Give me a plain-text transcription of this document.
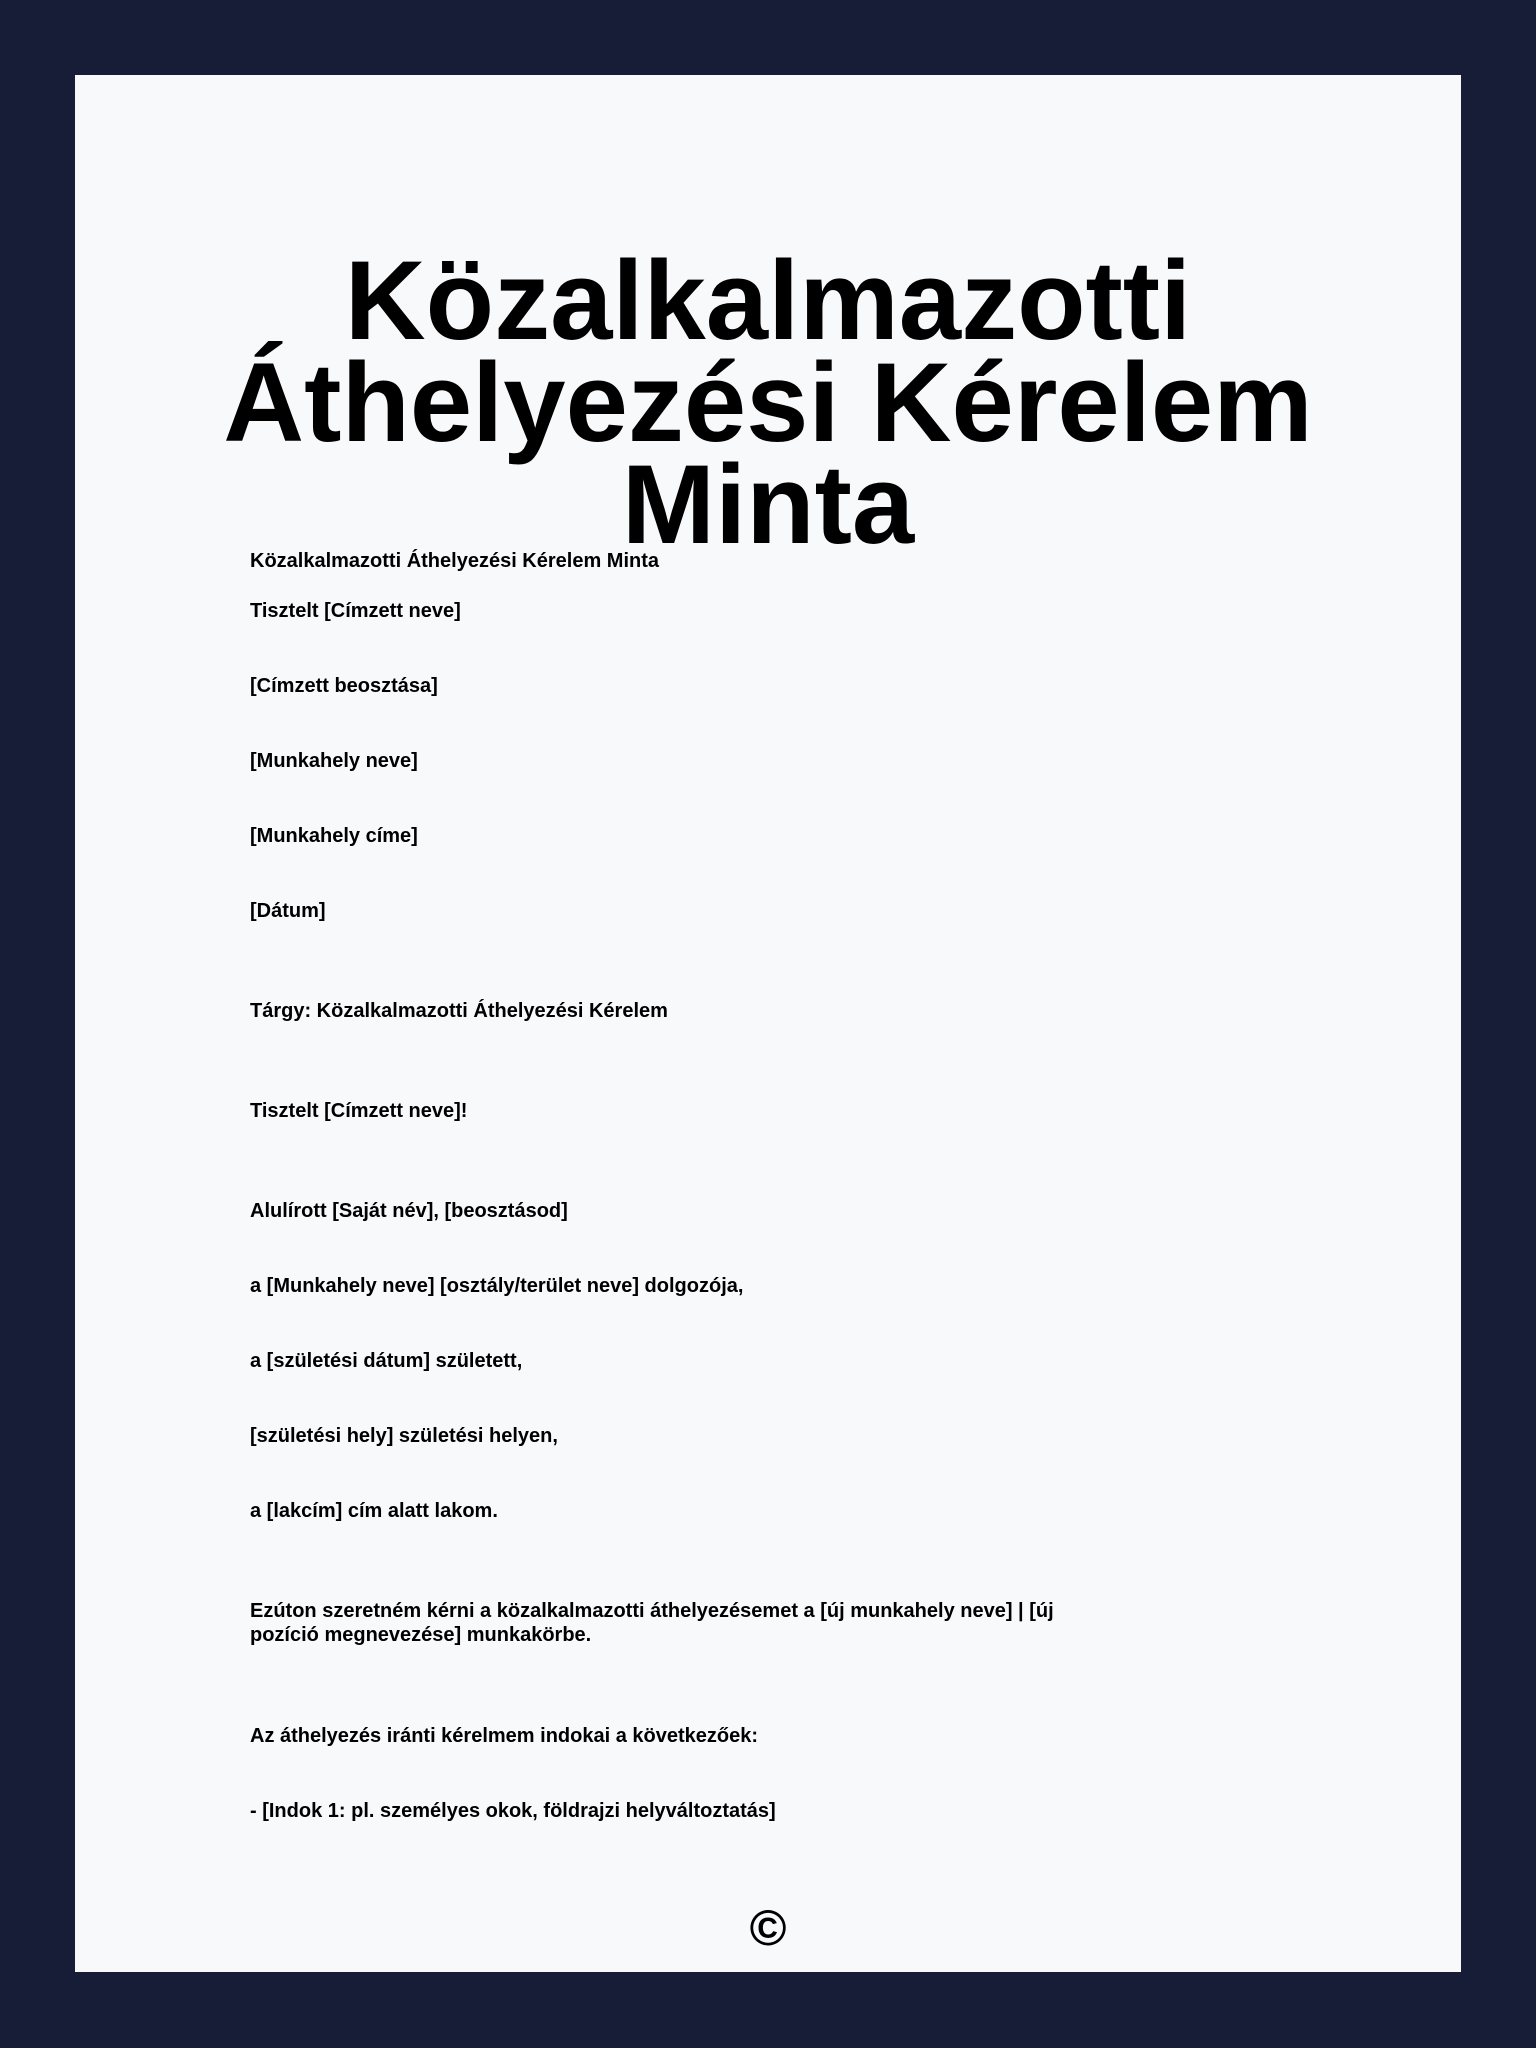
Közalkalmazotti Áthelyezési Kérelem Minta

Közalkalmazotti Áthelyezési Kérelem Minta

Tisztelt [Címzett neve]

[Címzett beosztása]

[Munkahely neve]

[Munkahely címe]

[Dátum]

Tárgy: Közalkalmazotti Áthelyezési Kérelem

Tisztelt [Címzett neve]!

Alulírott [Saját név], [beosztásod]

a [Munkahely neve] [osztály/terület neve] dolgozója,

a [születési dátum] született,

[születési hely] születési helyen,

a [lakcím] cím alatt lakom.

Ezúton szeretném kérni a közalkalmazotti áthelyezésemet a [új munkahely neve] | [új pozíció megnevezése] munkakörbe.

Az áthelyezés iránti kérelmem indokai a következőek:

- [Indok 1: pl. személyes okok, földrajzi helyváltoztatás]

©
